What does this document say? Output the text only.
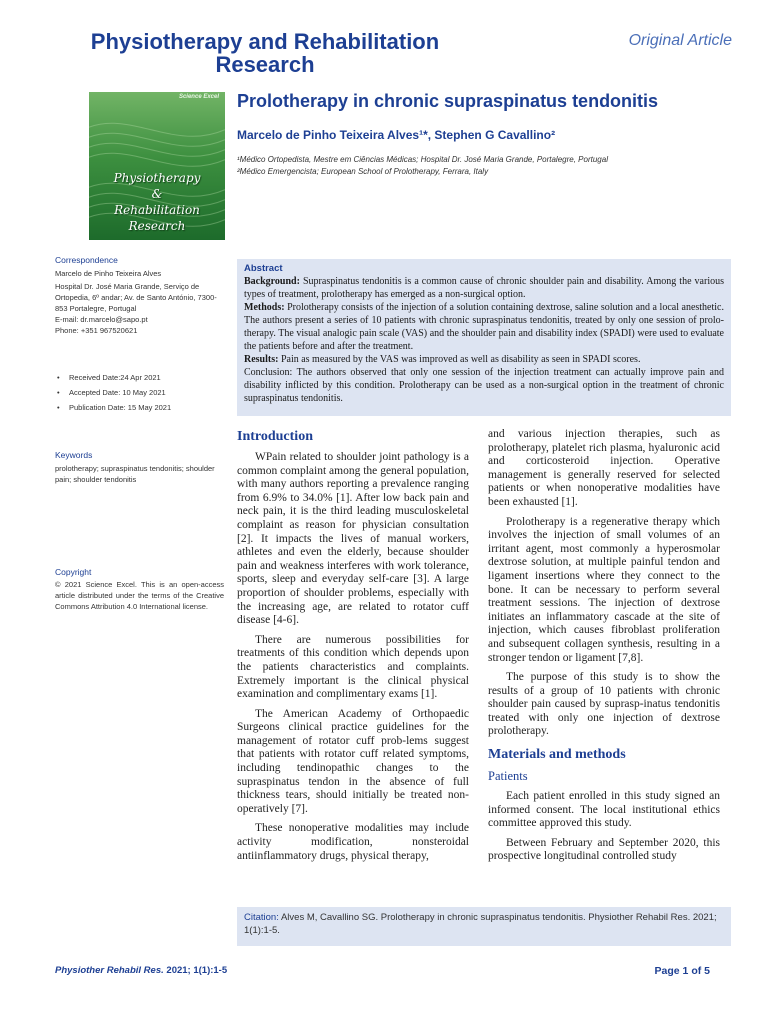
Physiotherapy and Rehabilitation
Research
Original Article
Science Excel
Physiotherapy
&
Rehabilitation
Research
Prolotherapy in chronic supraspinatus tendonitis
Marcelo de Pinho Teixeira Alves¹*, Stephen G Cavallino²
¹Médico Ortopedista, Mestre em Ciências Médicas; Hospital Dr. José Maria Grande, Portalegre, Portugal
²Médico Emergencista; European School of Prolotherapy, Ferrara, Italy
Correspondence
Marcelo de Pinho Teixeira Alves
Hospital Dr. José Maria Grande, Serviço de Ortopedia, 6º andar; Av. de Santo António, 7300-853 Portalegre, Portugal
E-mail: dr.marcelo@sapo.pt
Phone: +351 967520621
• Received Date:24 Apr 2021
• Accepted Date: 10 May 2021
• Publication Date: 15 May 2021
Keywords
prolotherapy; supraspinatus tendonitis; shoulder pain; shoulder tendonitis
Copyright
© 2021 Science Excel. This is an open-access article distributed under the terms of the Creative Commons Attribution 4.0 International license.
Abstract

Background: Supraspinatus tendonitis is a common cause of chronic shoulder pain and disability. Among the various types of treatment, prolotherapy has emerged as a non-surgical option.

Methods: Prolotherapy consists of the injection of a solution containing dextrose, saline solution and a local anesthetic. The authors present a series of 10 patients with chronic supraspinatus tendonitis, treated by only one session of prolo-therapy. The visual analogic pain scale (VAS) and the shoulder pain and disability index (SPADI) were used to evaluate the patients before and after the treatment.

Results: Pain as measured by the VAS was improved as well as disability as seen in SPADI scores.

Conclusion: The authors observed that only one session of the injection treatment can actually improve pain and disability inflicted by this condition. Prolotherapy can be used as a non-surgical option in the treatment of chronic supraspinatus tendonitis.

Introduction

WPain related to shoulder joint pathology is a common complaint among the general population, with many authors reporting a prevalence ranging from 6.9% to 34.0% [1]. After low back pain and neck pain, it is the third leading musculoskeletal complaint as reason for physician consultation [2]. It impacts the lives of manual workers, athletes and even the elderly, because shoulder pain and weakness interferes with work tolerance, sports, sleep and everyday self-care [3]. A large proportion of shoulder problems, especially with the increasing age, are related to rotator cuff disease [4-6].

There are numerous possibilities for treatments of this condition which depends upon the patients characteristics and complaints. Extremely important is the clinical physical examination and complimentary exams [1].

The American Academy of Orthopaedic Surgeons clinical practice guidelines for the management of rotator cuff prob-lems suggest that patients with rotator cuff related symptoms, including tendinopathic changes to the supraspinatus tendon in the absence of full thickness tears, should initially be treated non-operatively [7].

These nonoperative modalities may include activity modification, nonsteroidal antiinflammatory drugs, physical therapy,

and various injection therapies, such as prolotherapy, platelet rich plasma, hyaluronic acid and corticosteroid injection. Operative management is generally reserved for selected patients or when nonoperative modalities have been exhausted [1].

Prolotherapy is a regenerative therapy which involves the injection of small volumes of an irritant agent, most commonly a hyperosmolar dextrose solution, at multiple painful tendon and ligament insertions where they connect to the bone. It can be necessary to perform several treatment sessions. The injection of dextrose initiates an inflammatory cascade at the site of injection, which causes fibroblast proliferation and subsequent collagen synthesis, resulting in a stronger tendon or ligament [7,8].

The purpose of this study is to show the results of a group of 10 patients with chronic shoulder pain caused by suprasp-inatus tendonitis treated with only one injection of dextrose prolotherapy.

Materials and methods
Patients

Each patient enrolled in this study signed an informed consent. The local institutional ethics committee approved this study.

Between February and September 2020, this prospective longitudinal controlled study

Citation: Alves M, Cavallino SG. Prolotherapy in chronic supraspinatus tendonitis. Physiother Rehabil Res. 2021; 1(1):1-5.
Physiother Rehabil Res. 2021; 1(1):1-5	Page 1 of 5
